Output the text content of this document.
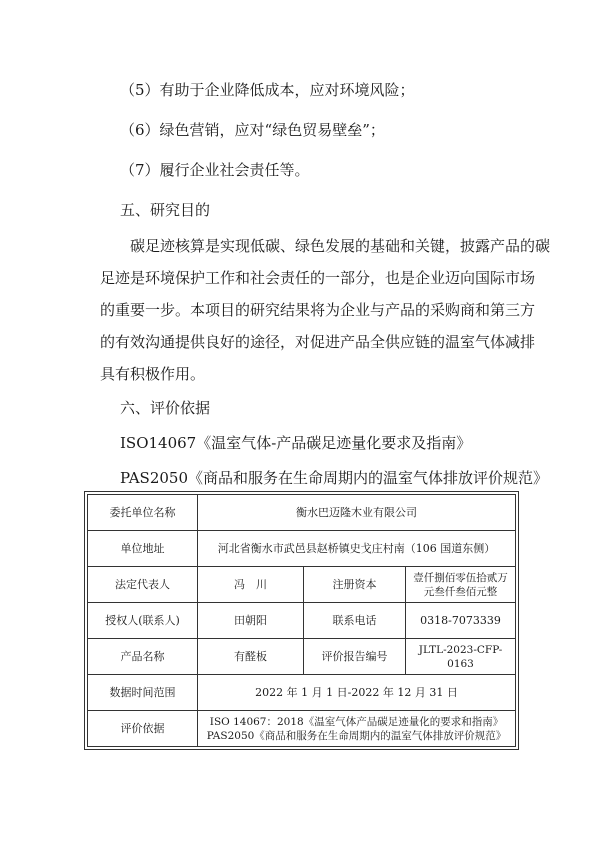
（5）有助于企业降低成本，应对环境风险；
（6）绿色营销，应对“绿色贸易壁垒”；
（7）履行企业社会责任等。
五、研究目的
碳足迹核算是实现低碳、绿色发展的基础和关键，披露产品的碳
足迹是环境保护工作和社会责任的一部分，也是企业迈向国际市场
的重要一步。本项目的研究结果将为企业与产品的采购商和第三方
的有效沟通提供良好的途径，对促进产品全供应链的温室气体减排
具有积极作用。
六、评价依据
ISO14067《温室气体-产品碳足迹量化要求及指南》
PAS2050《商品和服务在生命周期内的温室气体排放评价规范》
委托单位名称	衡水巴迈隆木业有限公司		
单位地址	河北省衡水市武邑县赵桥镇史戈庄村南（106 国道东侧）		
法定代表人	冯　川	注册资本	壹仟捌佰零伍拾贰万元叁仟叁佰元整
授权人(联系人)	田朝阳	联系电话	0318-7073339
产品名称	有醛板	评价报告编号	JLTL-2023-CFP-0163
数据时间范围	2022 年 1 月 1 日-2022 年 12 月 31 日		
评价依据	ISO 14067：2018《温室气体产品碳足迹量化的要求和指南》
PAS2050《商品和服务在生命周期内的温室气体排放评价规范》		
